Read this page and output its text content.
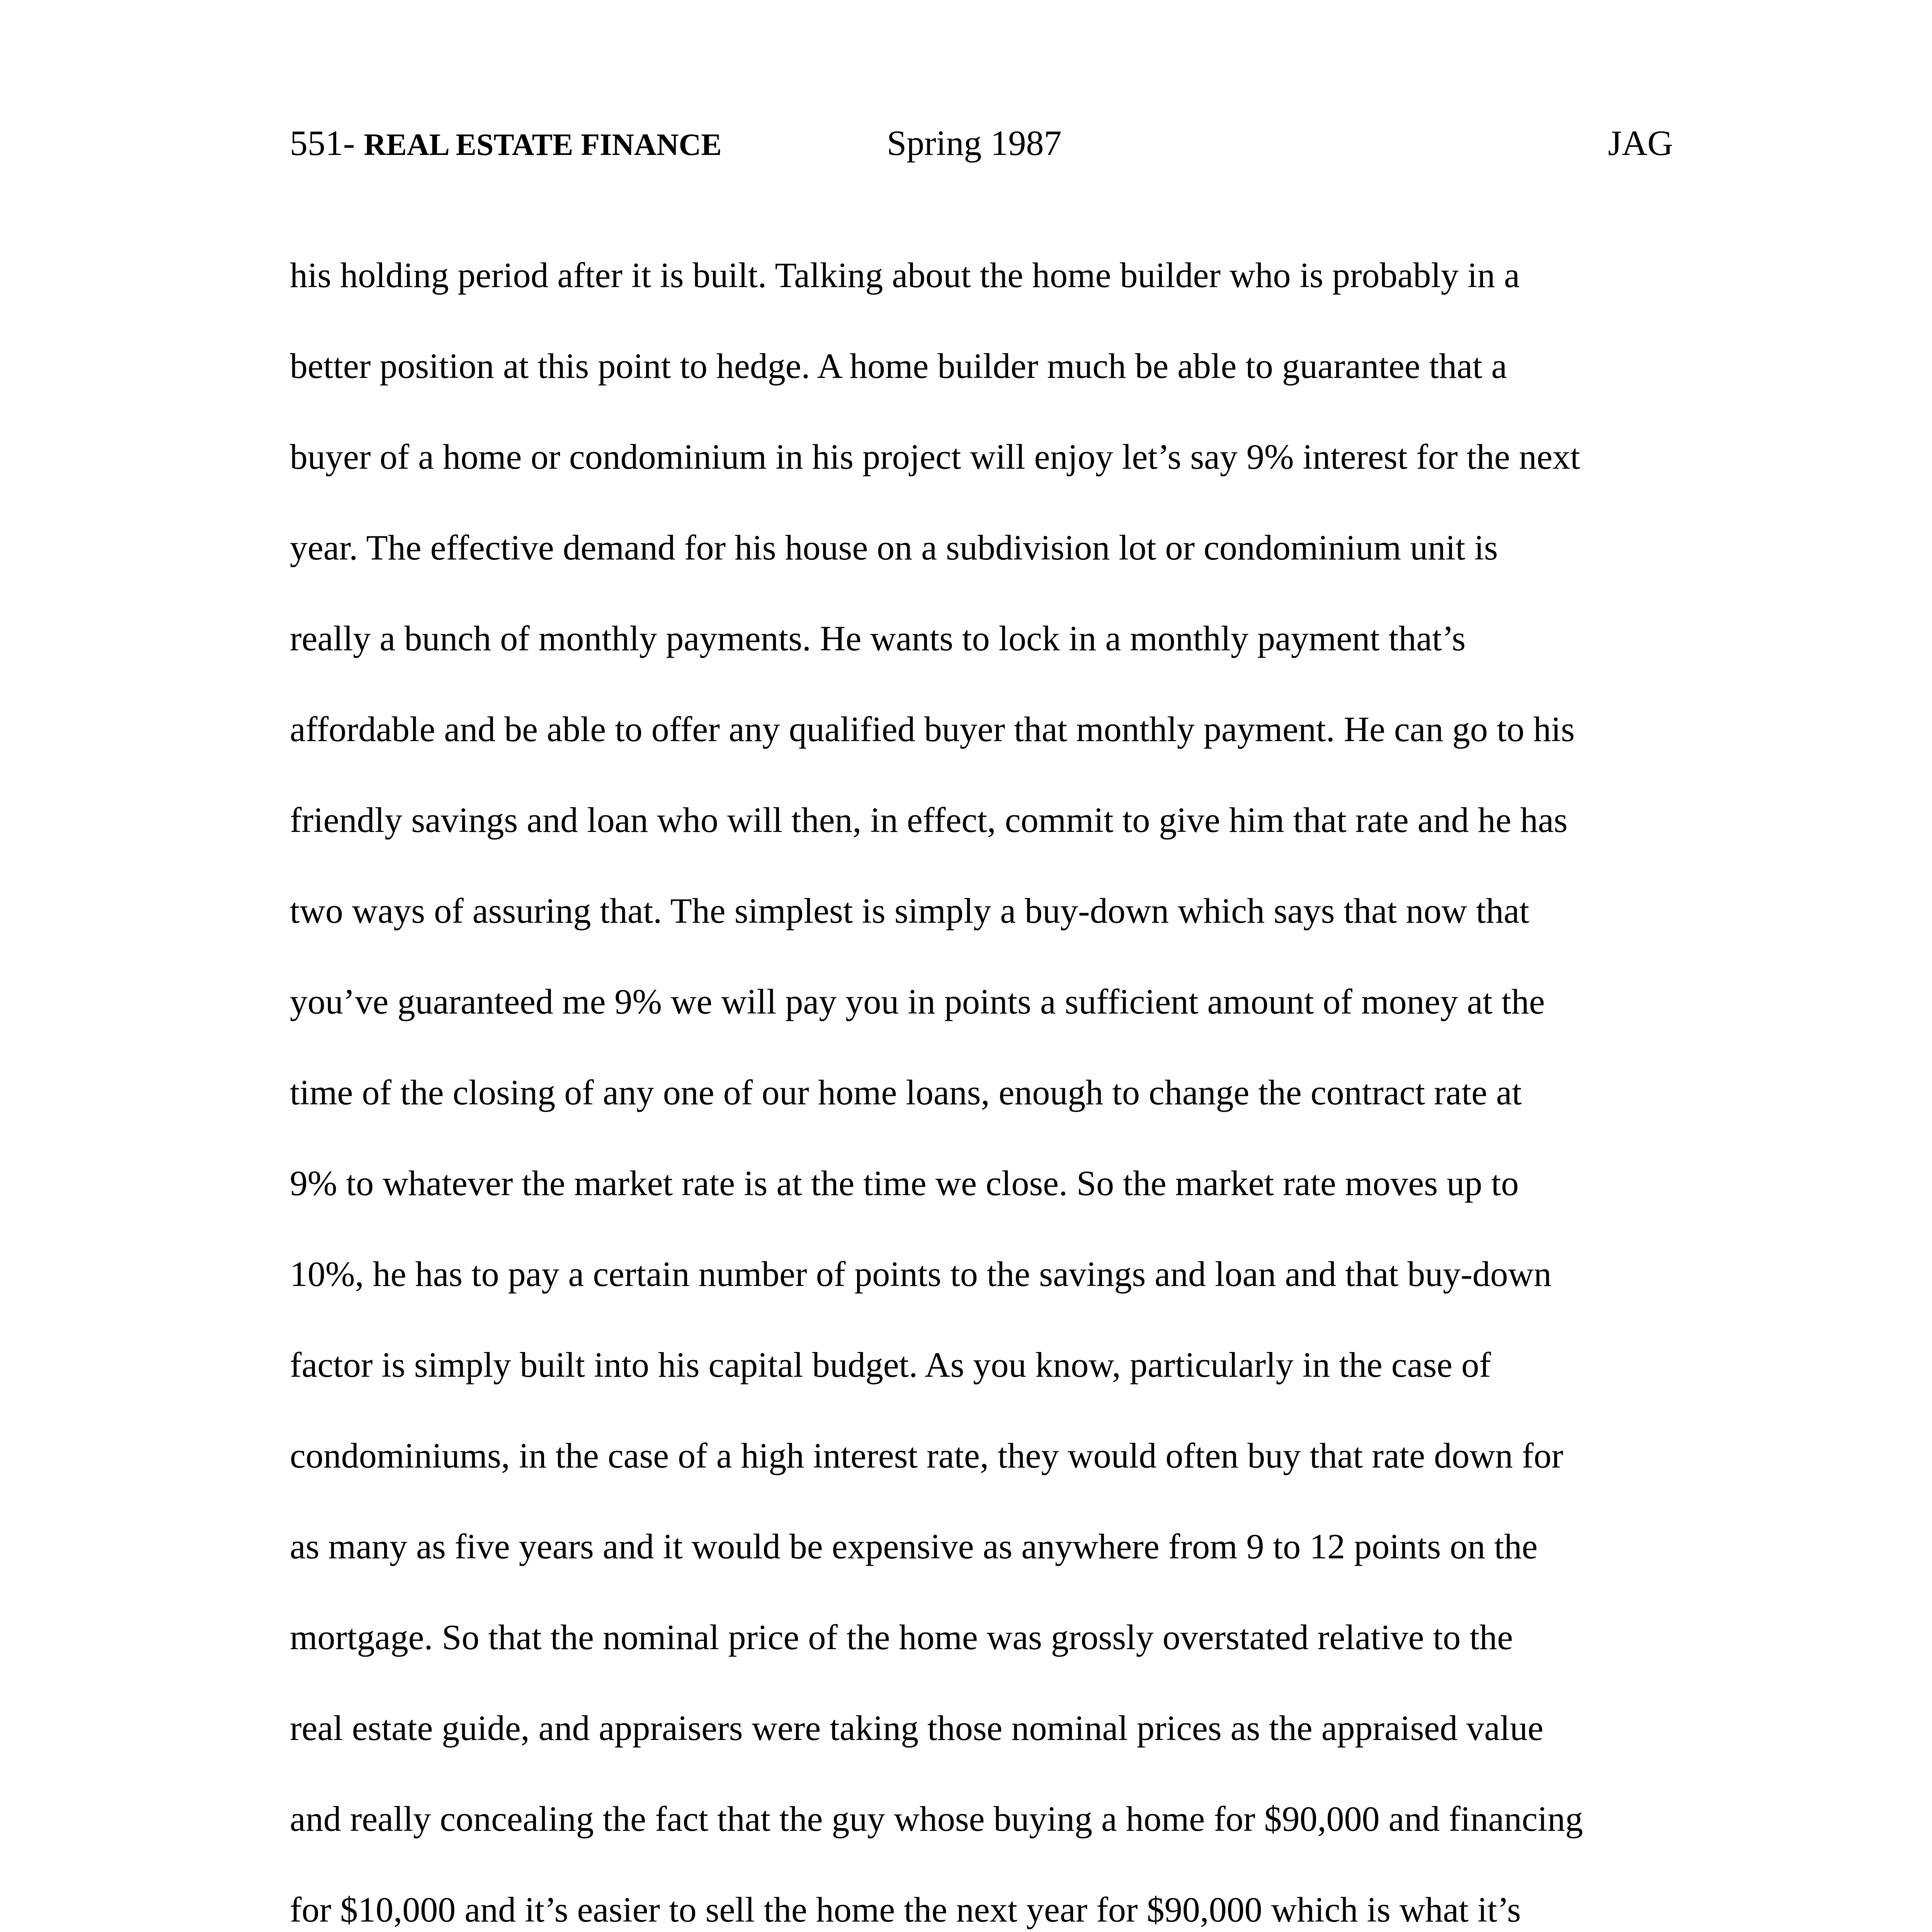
551- REAL ESTATE FINANCE	Spring 1987	JAG
his holding period after it is built. Talking about the home builder who is probably in a
better position at this point to hedge. A home builder much be able to guarantee that a
buyer of a home or condominium in his project will enjoy let’s say 9% interest for the next
year. The effective demand for his house on a subdivision lot or condominium unit is
really a bunch of monthly payments. He wants to lock in a monthly payment that’s
affordable and be able to offer any qualified buyer that monthly payment. He can go to his
friendly savings and loan who will then, in effect, commit to give him that rate and he has
two ways of assuring that. The simplest is simply a buy-down which says that now that
you’ve guaranteed me 9% we will pay you in points a sufficient amount of money at the
time of the closing of any one of our home loans, enough to change the contract rate at
9% to whatever the market rate is at the time we close. So the market rate moves up to
10%, he has to pay a certain number of points to the savings and loan and that buy-down
factor is simply built into his capital budget. As you know, particularly in the case of
condominiums, in the case of a high interest rate, they would often buy that rate down for
as many as five years and it would be expensive as anywhere from 9 to 12 points on the
mortgage. So that the nominal price of the home was grossly overstated relative to the
real estate guide, and appraisers were taking those nominal prices as the appraised value
and really concealing the fact that the guy whose buying a home for $90,000 and financing
for $10,000 and it’s easier to sell the home the next year for $90,000 which is what it’s
